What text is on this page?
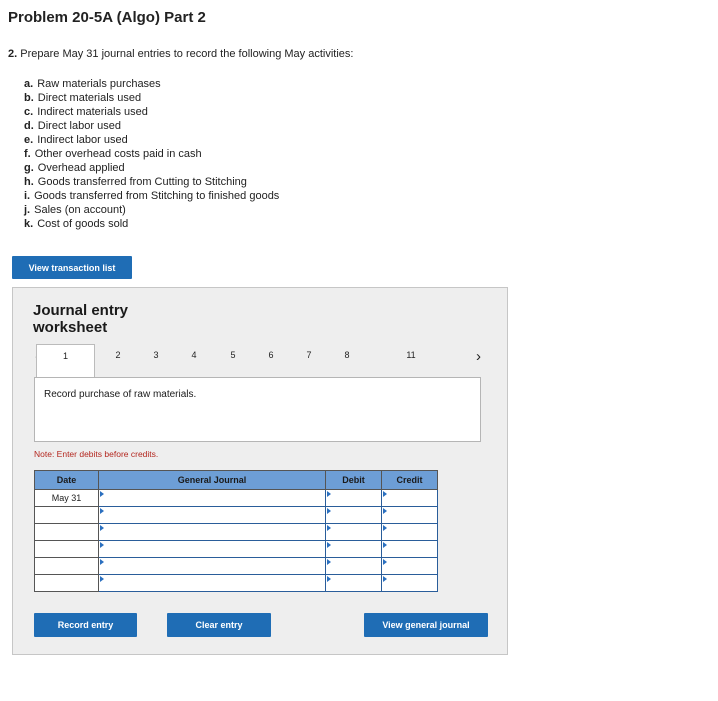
Problem 20-5A (Algo) Part 2
2. Prepare May 31 journal entries to record the following May activities:
a. Raw materials purchases
b. Direct materials used
c. Indirect materials used
d. Direct labor used
e. Indirect labor used
f. Other overhead costs paid in cash
g. Overhead applied
h. Goods transferred from Cutting to Stitching
i. Goods transferred from Stitching to finished goods
j. Sales (on account)
k. Cost of goods sold
View transaction list
Journal entry worksheet
1	2	3	4	5	6	7	8	11	›
Record purchase of raw materials.
Note: Enter debits before credits.
Date	General Journal	Debit	Credit
May 31	

Record entry	Clear entry	View general journal
